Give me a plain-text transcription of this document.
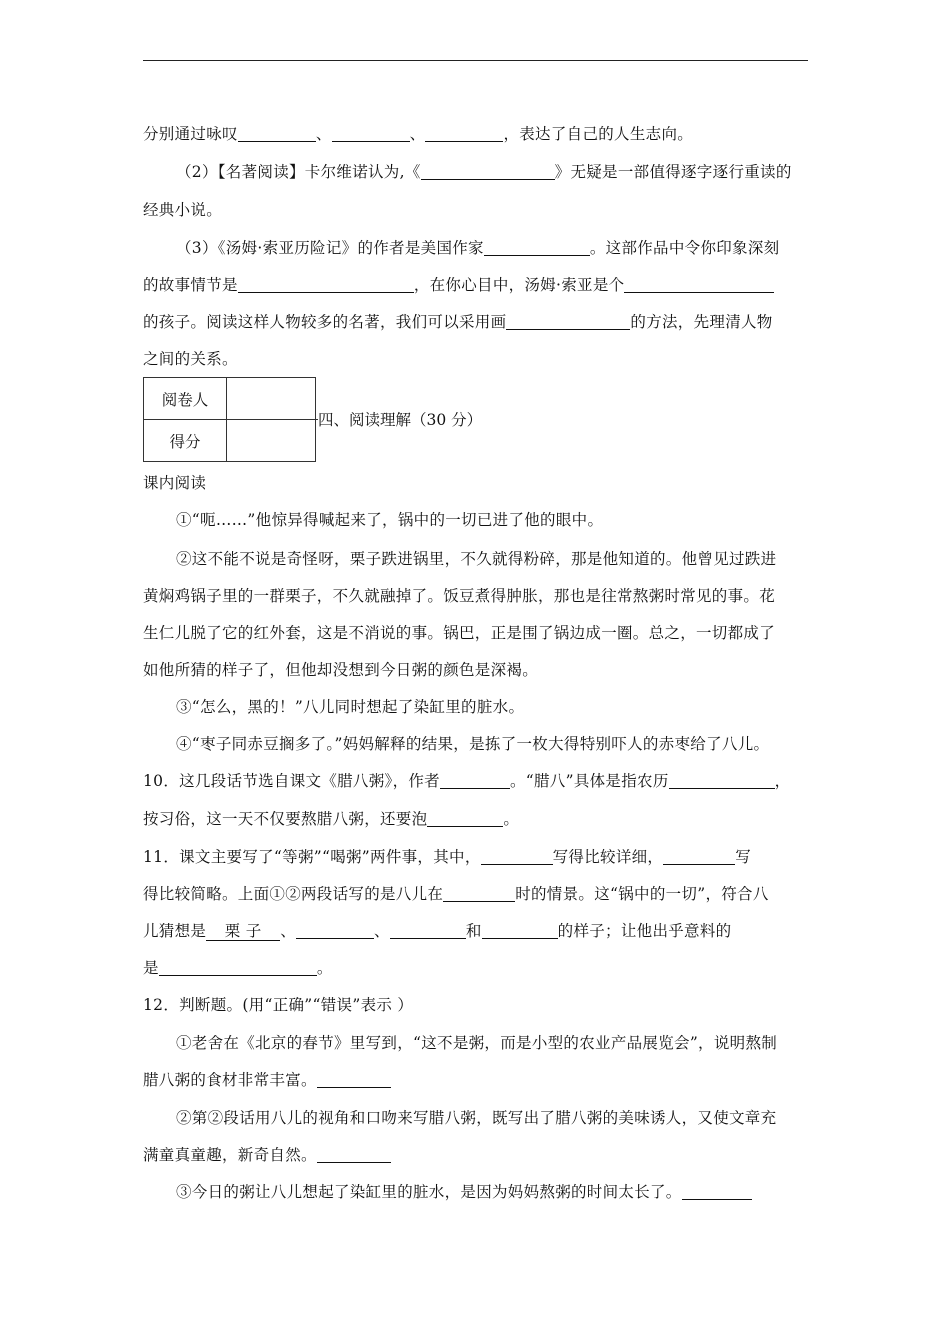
分别通过咏叹	、	、	，表达了自己的人生志向。
（2）【名著阅读】卡尔维诺认为,《	》无疑是一部值得逐字逐行重读的
经典小说。
（3）《汤姆·索亚历险记》的作者是美国作家	。这部作品中令你印象深刻
的故事情节是	，在你心目中，汤姆·索亚是个
的孩子。阅读这样人物较多的名著，我们可以采用画	的方法，先理清人物
之间的关系。
阅卷人	
得分	
四、阅读理解（30 分）
课内阅读
①“呃……”他惊异得喊起来了，锅中的一切已进了他的眼中。
②这不能不说是奇怪呀，栗子跌进锅里，不久就得粉碎，那是他知道的。他曾见过跌进
黄焖鸡锅子里的一群栗子，不久就融掉了。饭豆煮得肿胀，那也是往常熬粥时常见的事。花
生仁儿脱了它的红外套，这是不消说的事。锅巴，正是围了锅边成一圈。总之，一切都成了
如他所猜的样子了，但他却没想到今日粥的颜色是深褐。
③“怎么，黑的！”八儿同时想起了染缸里的脏水。
④“枣子同赤豆搁多了。”妈妈解释的结果，是拣了一枚大得特别吓人的赤枣给了八儿。
10．这几段话节选自课文《腊八粥》，作者	。“腊八”具体是指农历	，
按习俗，这一天不仅要熬腊八粥，还要泡	。
11．课文主要写了“等粥”“喝粥”两件事，其中，	写得比较详细，	写
得比较简略。上面①②两段话写的是八儿在	时的情景。这“锅中的一切”，符合八
儿猜想是 栗 子 、	、	和	的样子；让他出乎意料的
是	。
12．判断题。(用“正确”“错误”表示 ）
①老舍在《北京的春节》里写到，“这不是粥，而是小型的农业产品展览会”，说明熬制
腊八粥的食材非常丰富。
②第②段话用八儿的视角和口吻来写腊八粥，既写出了腊八粥的美味诱人，又使文章充
满童真童趣，新奇自然。
③今日的粥让八儿想起了染缸里的脏水，是因为妈妈熬粥的时间太长了。
